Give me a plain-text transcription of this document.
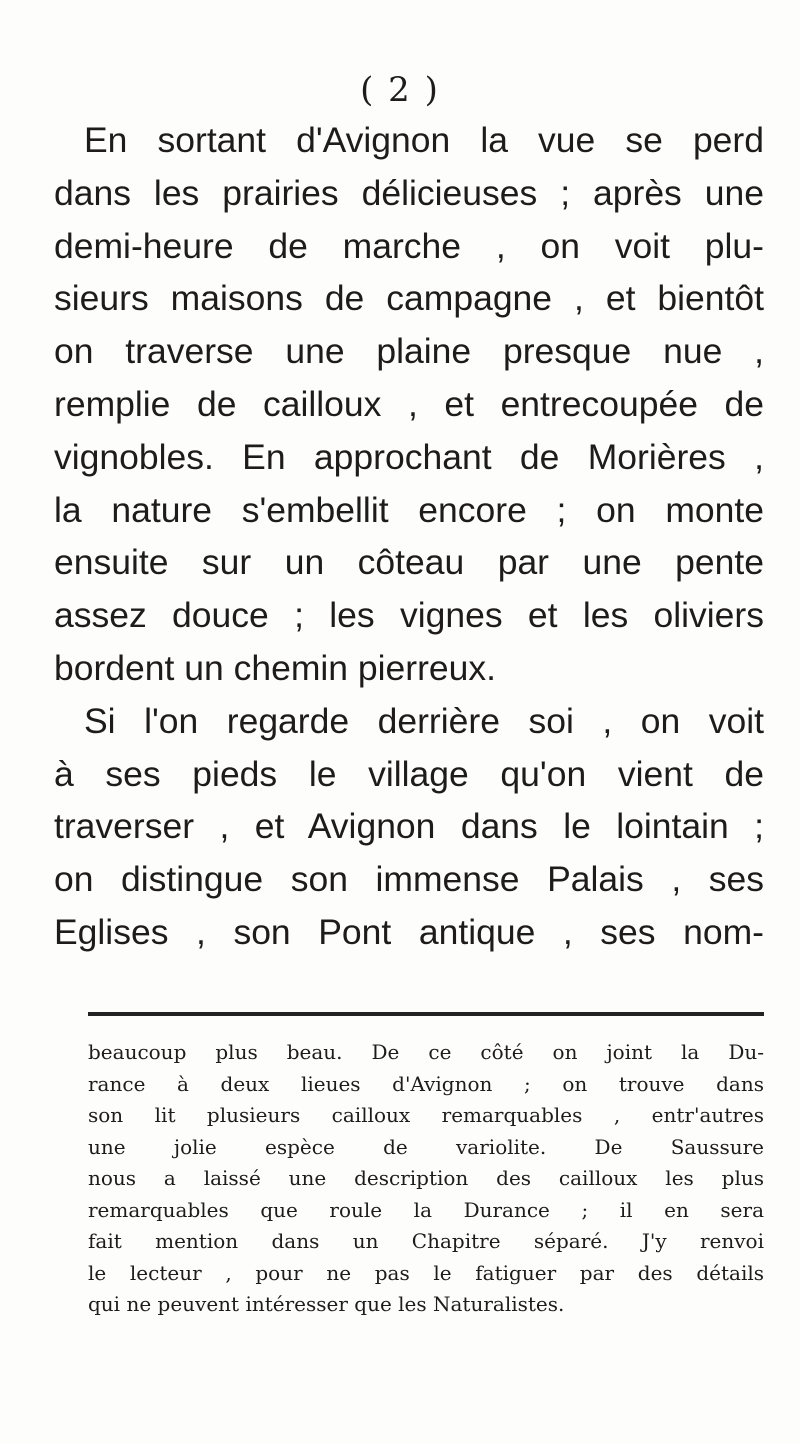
( 2 )
En sortant d'Avignon la vue se perd
dans les prairies délicieuses ; après une
demi-heure de marche , on voit plu-
sieurs maisons de campagne , et bientôt
on traverse une plaine presque nue ,
remplie de cailloux , et entrecoupée de
vignobles. En approchant de Morières ,
la nature s'embellit encore ; on monte
ensuite sur un côteau par une pente
assez douce ; les vignes et les oliviers
bordent un chemin pierreux.
Si l'on regarde derrière soi , on voit
à ses pieds le village qu'on vient de
traverser , et Avignon dans le lointain ;
on distingue son immense Palais , ses
Eglises , son Pont antique , ses nom-
beaucoup plus beau. De ce côté on joint la Du-
rance à deux lieues d'Avignon ; on trouve dans
son lit plusieurs cailloux remarquables , entr'autres
une jolie espèce de variolite. De Saussure
nous a laissé une description des cailloux les plus
remarquables que roule la Durance ; il en sera
fait mention dans un Chapitre séparé. J'y renvoi
le lecteur , pour ne pas le fatiguer par des détails
qui ne peuvent intéresser que les Naturalistes.
